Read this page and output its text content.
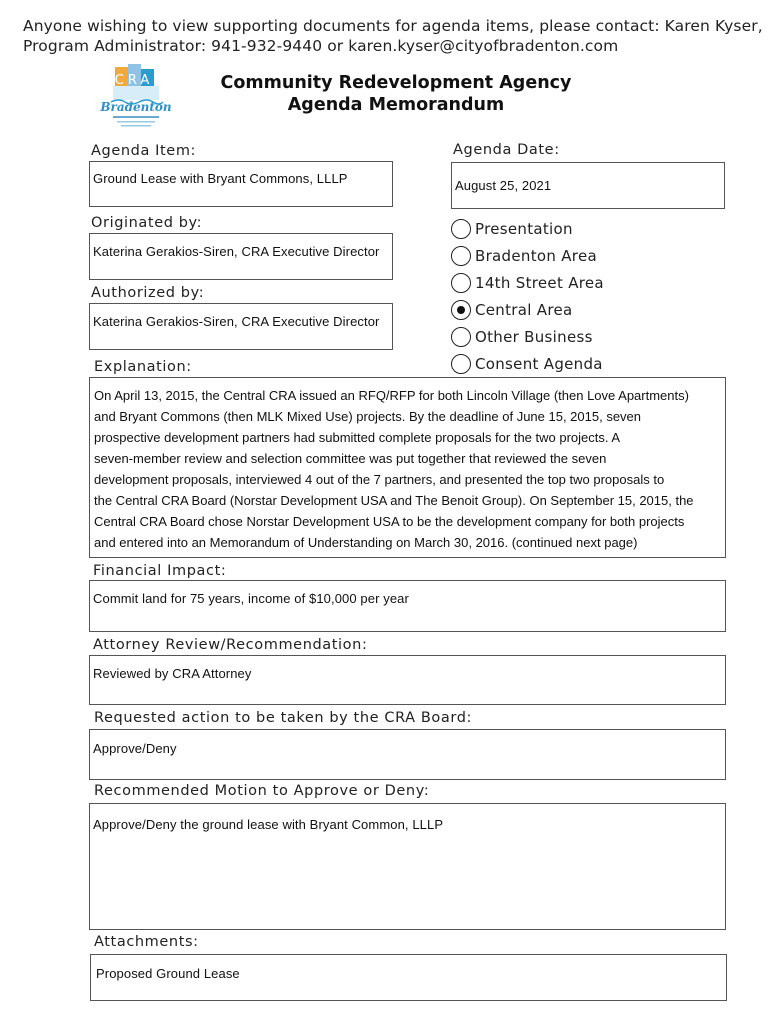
Anyone wishing to view supporting documents for agenda items, please contact: Karen Kyser,
Program Administrator: 941-932-9440 or karen.kyser@cityofbradenton.com
CRA
Bradenton
Community Redevelopment Agency
Agenda Memorandum
Agenda Item:
Ground Lease with Bryant Commons, LLLP
Agenda Date:
August 25, 2021
Originated by:
Katerina Gerakios-Siren, CRA Executive Director
Authorized by:
Katerina Gerakios-Siren, CRA Executive Director
Presentation
Bradenton Area
14th Street Area
Central Area
Other Business
Consent Agenda
Explanation:
On April 13, 2015, the Central CRA issued an RFQ/RFP for both Lincoln Village (then Love Apartments)
and Bryant Commons (then MLK Mixed Use) projects. By the deadline of June 15, 2015, seven
prospective development partners had submitted complete proposals for the two projects. A
seven-member review and selection committee was put together that reviewed the seven
development proposals, interviewed 4 out of the 7 partners, and presented the top two proposals to
the Central CRA Board (Norstar Development USA and The Benoit Group). On September 15, 2015, the
Central CRA Board chose Norstar Development USA to be the development company for both projects
and entered into an Memorandum of Understanding on March 30, 2016. (continued next page)
Financial Impact:
Commit land for 75 years, income of $10,000 per year
Attorney Review/Recommendation:
Reviewed by CRA Attorney
Requested action to be taken by the CRA Board:
Approve/Deny
Recommended Motion to Approve or Deny:
Approve/Deny the ground lease with Bryant Common, LLLP
Attachments:
Proposed Ground Lease
